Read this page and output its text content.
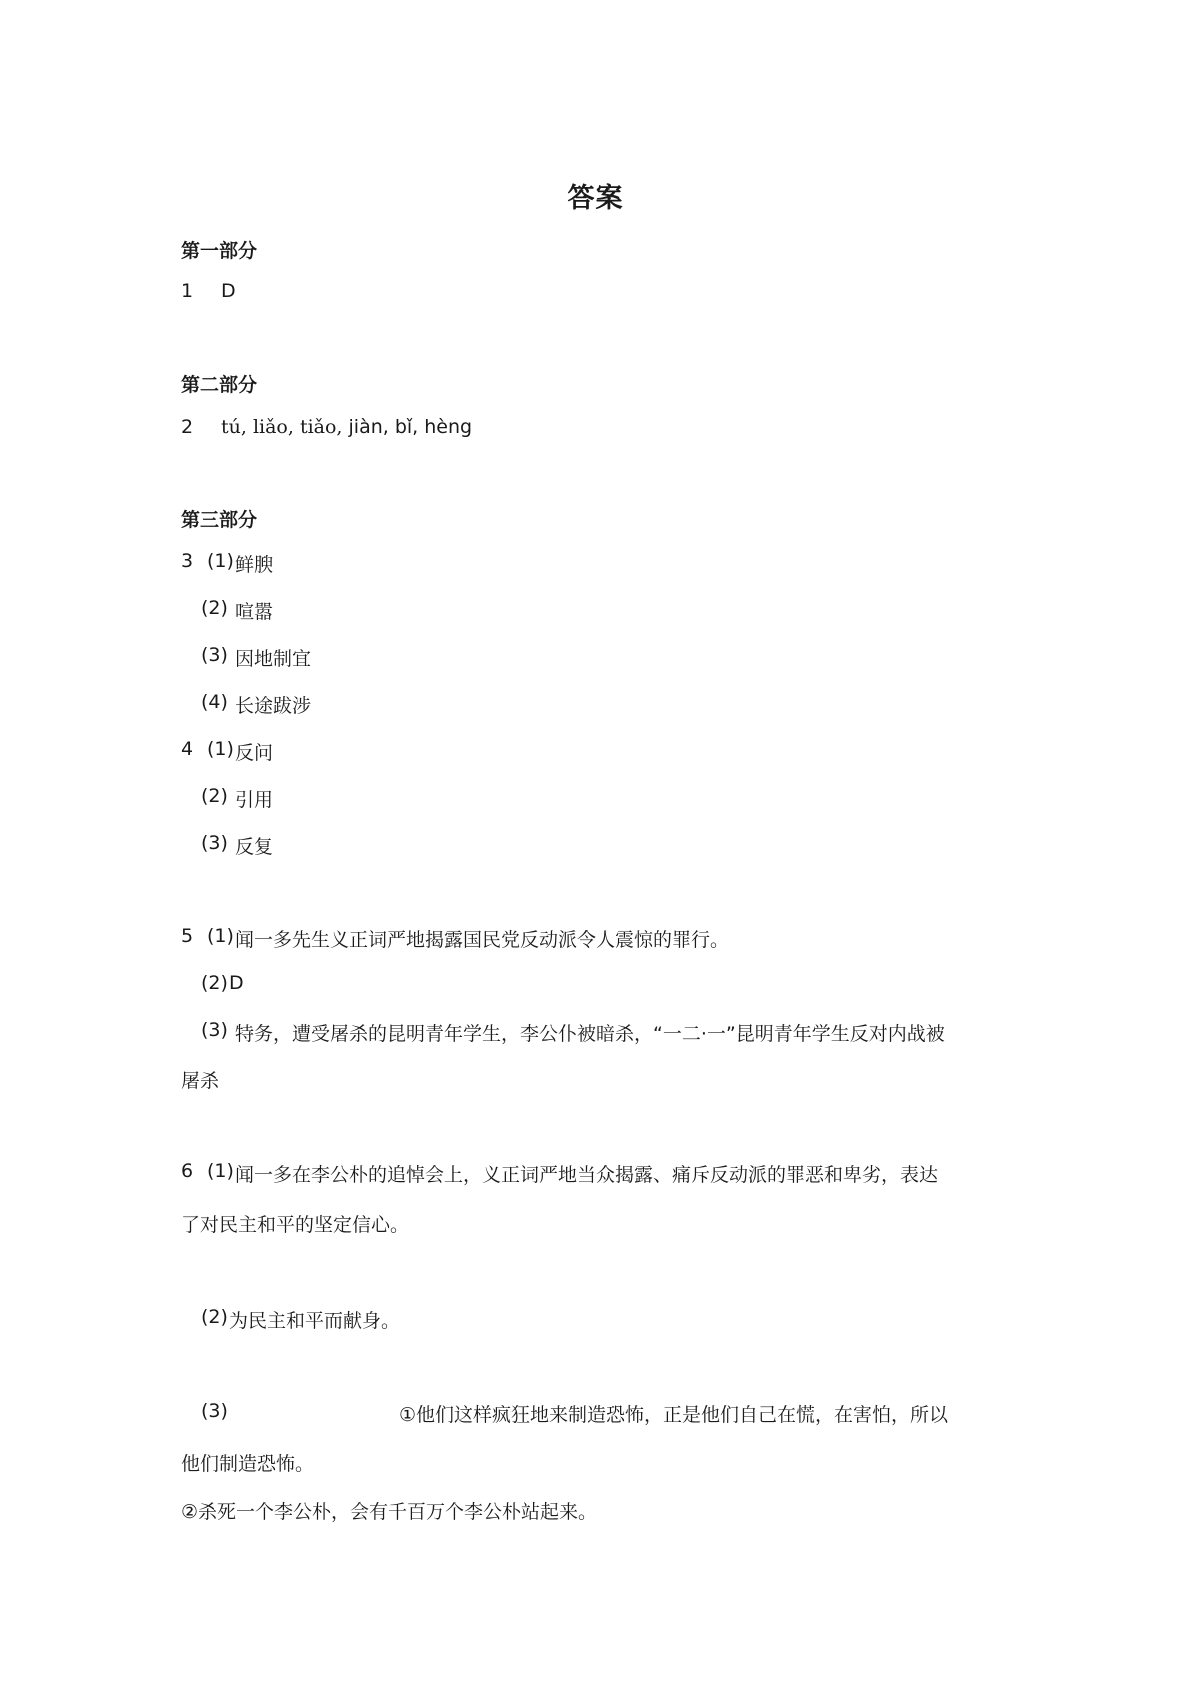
答案
第一部分
1 D
第二部分
2 tú, liǎo, tiǎo, jiàn, bǐ, hèng
第三部分
3 (1) 鲜腴
(2) 喧嚣
(3) 因地制宜
(4) 长途跋涉
4 (1) 反问
(2) 引用
(3) 反复
5 (1) 闻一多先生义正词严地揭露国民党反动派令人震惊的罪行。
(2) D
(3) 特务，遭受屠杀的昆明青年学生，李公仆被暗杀，“一二·一”昆明青年学生反对内战被
屠杀
6 (1) 闻一多在李公朴的追悼会上，义正词严地当众揭露、痛斥反动派的罪恶和卑劣，表达
了对民主和平的坚定信心。
(2) 为民主和平而献身。
(3)	①他们这样疯狂地来制造恐怖，正是他们自己在慌，在害怕，所以
他们制造恐怖。
②杀死一个李公朴，会有千百万个李公朴站起来。
